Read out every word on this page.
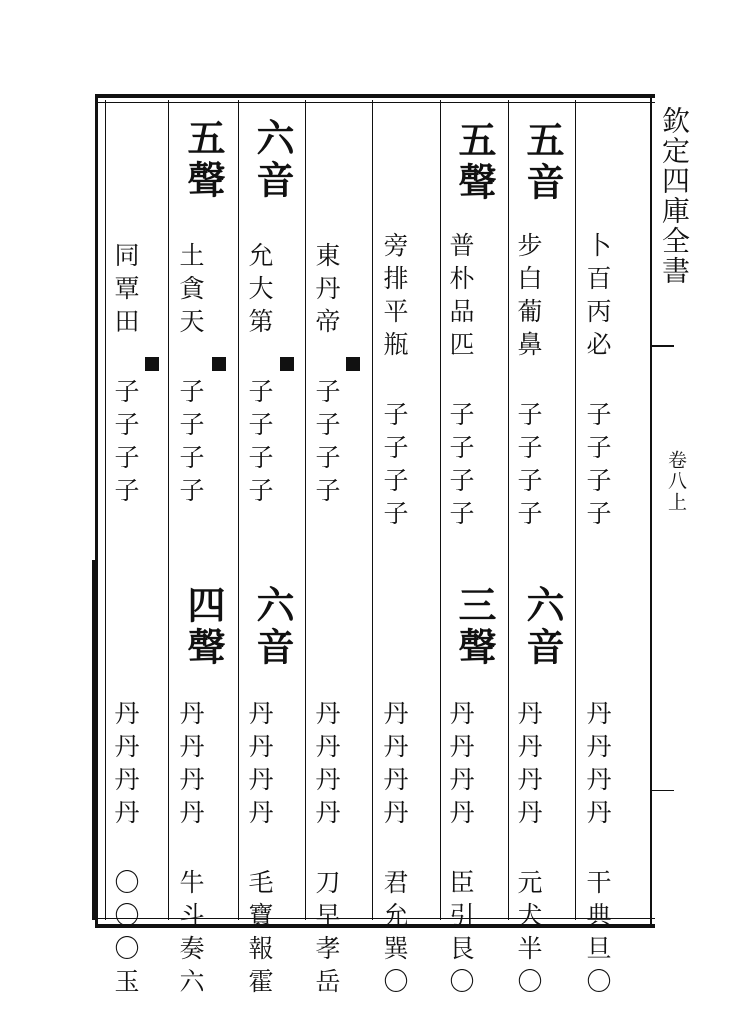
欽定四庫全書
卷八上
卜百丙必 子子子子
丹丹丹丹 干典旦〇
五音
步白葡鼻 子子子子
六音
丹丹丹丹 元犬半〇
五聲
普朴品匹 子子子子
三聲
丹丹丹丹 臣引艮〇
旁排平瓶 子子子子
丹丹丹丹 君允巽〇
東丹帝 子子子子
丹丹丹丹 刀早孝岳
六音
允大第 子子子子
六音
丹丹丹丹 毛寶報霍
五聲
土貪天 子子子子
四聲
丹丹丹丹 牛斗奏六
同覃田 子子子子
丹丹丹丹 〇〇〇玉
